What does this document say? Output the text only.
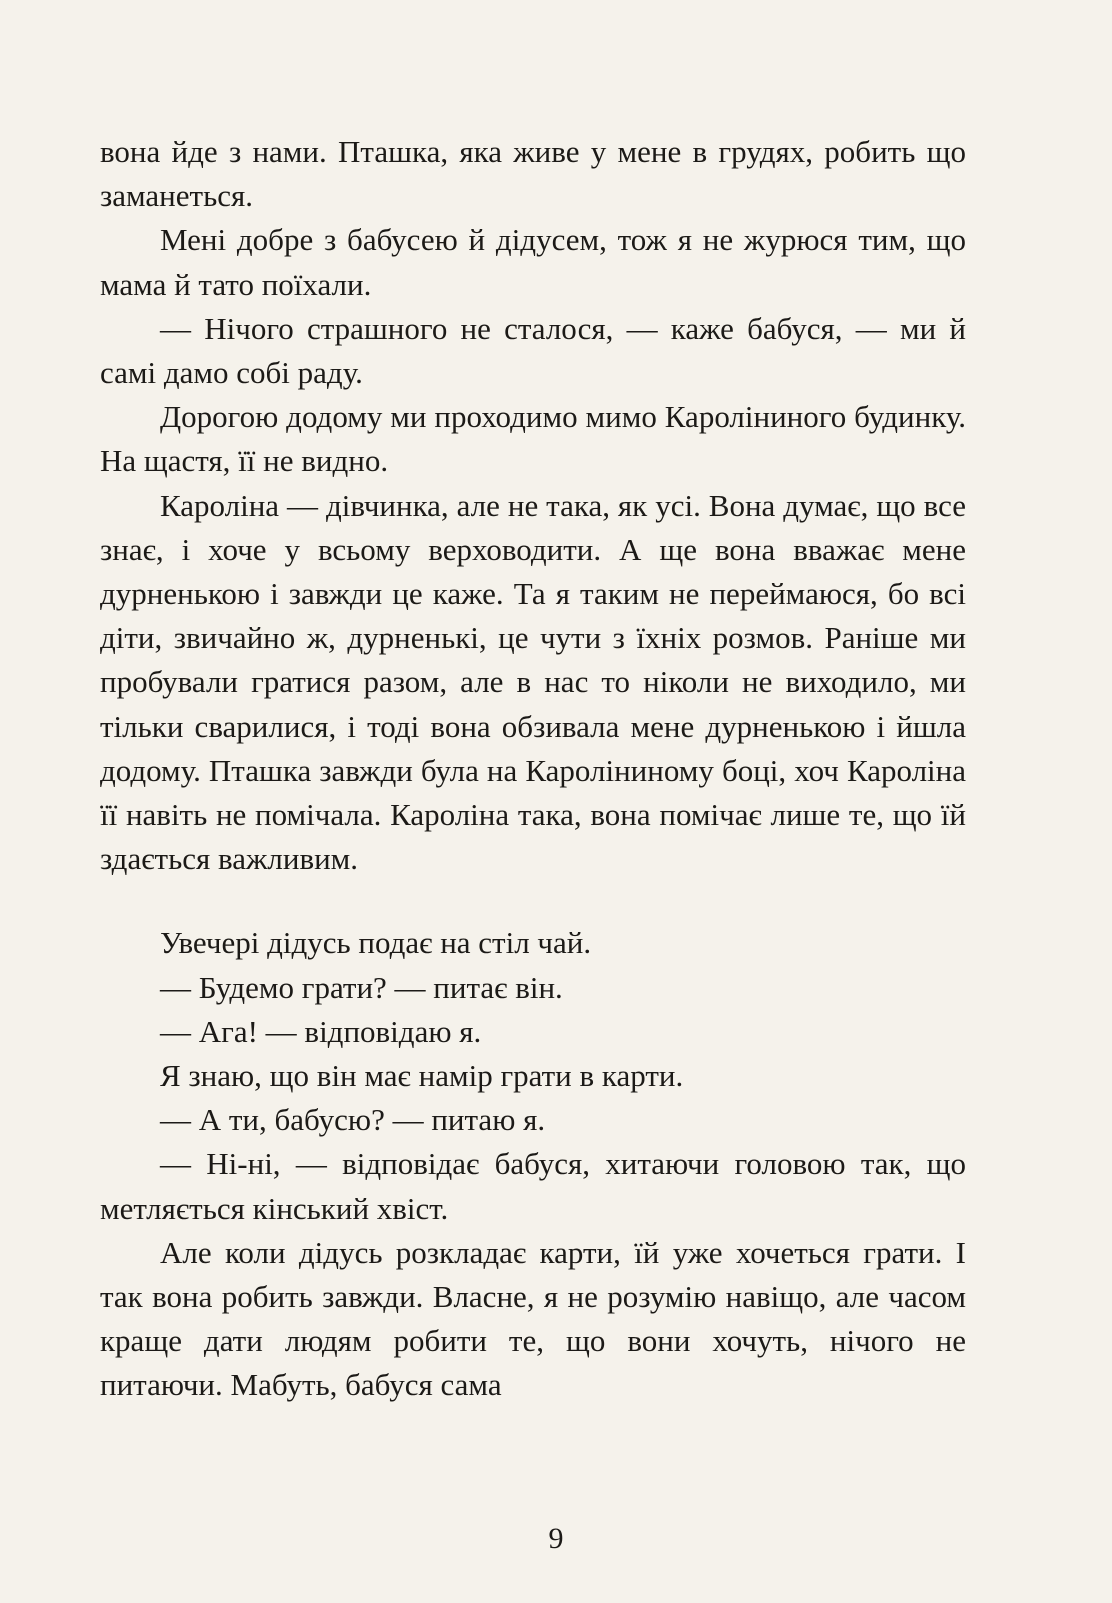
вона йде з нами. Пташка, яка живе у мене в грудях, робить що заманеться.

Мені добре з бабусею й дідусем, тож я не журюся тим, що мама й тато поїхали.

— Нічого страшного не сталося, — каже бабуся, — ми й самі дамо собі раду.

Дорогою додому ми проходимо мимо Кароліниного будинку. На щастя, її не видно.

Кароліна — дівчинка, але не така, як усі. Вона думає, що все знає, і хоче у всьому верховодити. А ще вона вважає мене дурненькою і завжди це каже. Та я таким не переймаюся, бо всі діти, звичайно ж, дурненькі, це чути з їхніх розмов. Раніше ми пробували гратися разом, але в нас то ніколи не виходило, ми тільки сварилися, і тоді вона обзивала мене дурненькою і йшла додому. Пташка завжди була на Кароліниному боці, хоч Кароліна її навіть не помічала. Кароліна така, вона помічає лише те, що їй здається важливим.

Увечері дідусь подає на стіл чай.

— Будемо грати? — питає він.

— Ага! — відповідаю я.

Я знаю, що він має намір грати в карти.

— А ти, бабусю? — питаю я.

— Ні-ні, — відповідає бабуся, хитаючи головою так, що метляється кінський хвіст.

Але коли дідусь розкладає карти, їй уже хочеться грати. І так вона робить завжди. Власне, я не розумію навіщо, але часом краще дати людям робити те, що вони хочуть, нічого не питаючи. Мабуть, бабуся сама

9
